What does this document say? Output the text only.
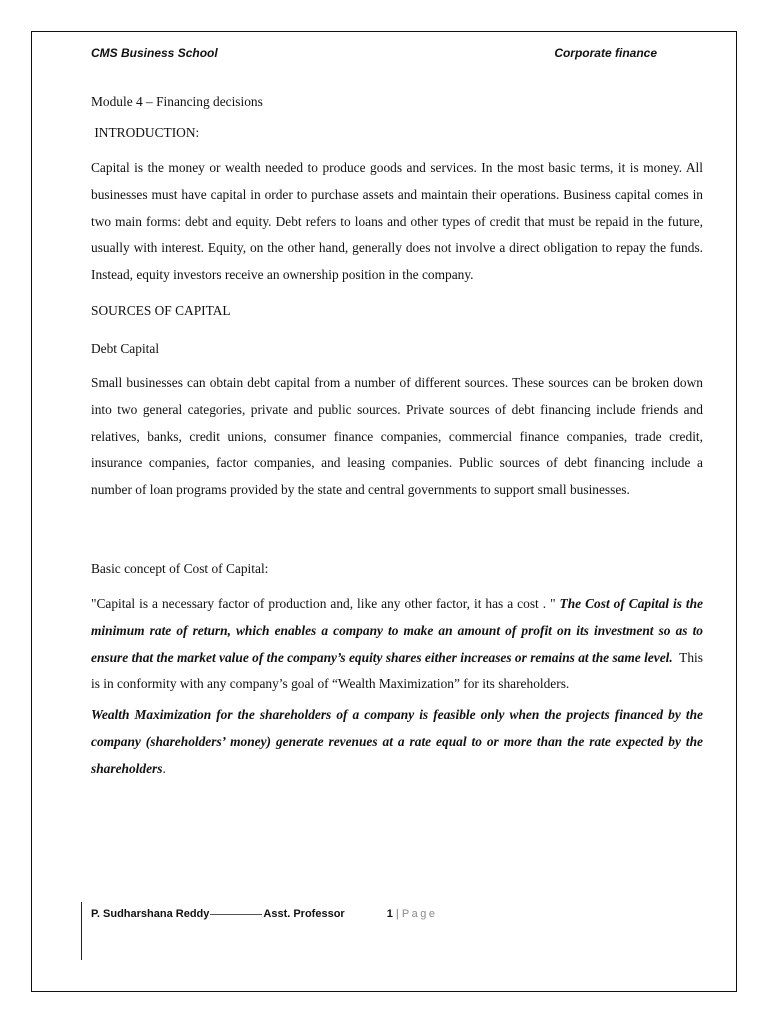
CMS Business School	Corporate finance

Module 4 – Financing decisions

INTRODUCTION:

Capital is the money or wealth needed to produce goods and services. In the most basic terms, it is money. All businesses must have capital in order to purchase assets and maintain their operations. Business capital comes in two main forms: debt and equity. Debt refers to loans and other types of credit that must be repaid in the future, usually with interest. Equity, on the other hand, generally does not involve a direct obligation to repay the funds. Instead, equity investors receive an ownership position in the company.

SOURCES OF CAPITAL

Debt Capital

Small businesses can obtain debt capital from a number of different sources. These sources can be broken down into two general categories, private and public sources. Private sources of debt financing include friends and relatives, banks, credit unions, consumer finance companies, commercial finance companies, trade credit, insurance companies, factor companies, and leasing companies. Public sources of debt financing include a number of loan programs provided by the state and central governments to support small businesses.

Basic concept of Cost of Capital:

"Capital is a necessary factor of production and, like any other factor, it has a cost . " The Cost of Capital is the minimum rate of return, which enables a company to make an amount of profit on its investment so as to ensure that the market value of the company’s equity shares either increases or remains at the same level.  This is in conformity with any company’s goal of “Wealth Maximization” for its shareholders.

Wealth Maximization for the shareholders of a company is feasible only when the projects financed by the company (shareholders’ money) generate revenues at a rate equal to or more than the rate expected by the shareholders.

P. Sudharshana Reddy	Asst. Professor	1 | Page
